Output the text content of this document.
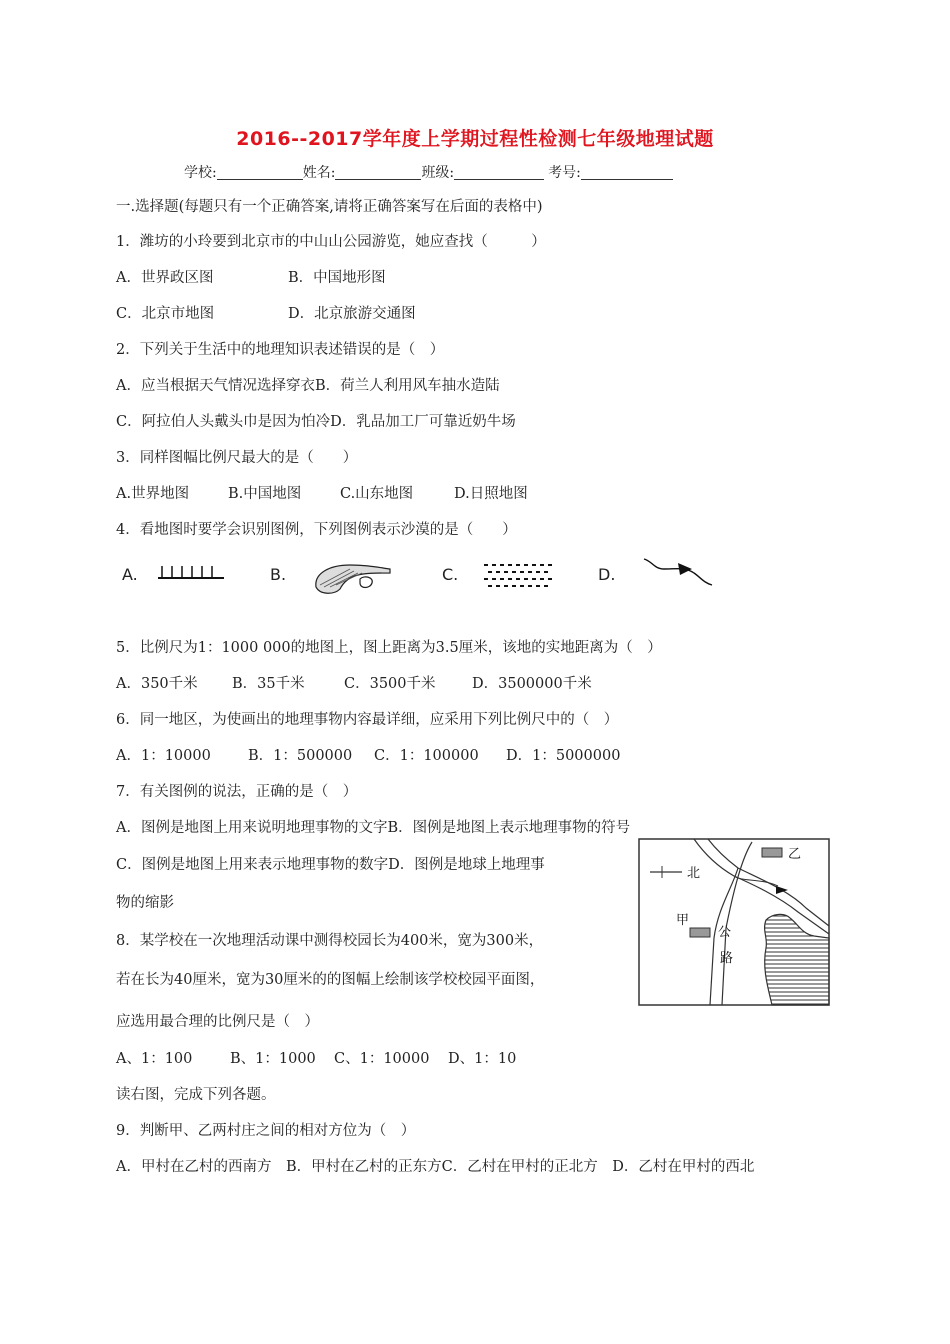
2016--2017学年度上学期过程性检测七年级地理试题
学校:	姓名:	班级:	考号:
一.选择题(每题只有一个正确答案,请将正确答案写在后面的表格中)
1．潍坊的小玲要到北京市的中山山公园游览，她应查找（　　　）
A．世界政区图	B．中国地形图
C．北京市地图	D．北京旅游交通图
2．下列关于生活中的地理知识表述错误的是（　）
A．应当根据天气情况选择穿衣B．荷兰人利用风车抽水造陆
C．阿拉伯人头戴头巾是因为怕冷D．乳品加工厂可靠近奶牛场
3．同样图幅比例尺最大的是（　　）
A.世界地图	B.中国地图	C.山东地图	D.日照地图
4．看地图时要学会识别图例，下列图例表示沙漠的是（　　）
A.	B.	C.	D.
5．比例尺为1：1000 000的地图上，图上距离为3.5厘米，该地的实地距离为（　）
A．350千米 B．35千米	C．3500千米	D．3500000千米
6．同一地区，为使画出的地理事物内容最详细，应采用下列比例尺中的（　）
A．1：10000	B．1：500000 C．1：100000 D．1：5000000
7．有关图例的说法，正确的是（　）
A．图例是地图上用来说明地理事物的文字B．图例是地图上表示地理事物的符号
C．图例是地图上用来表示地理事物的数字D．图例是地球上地理事
物的缩影
8．某学校在一次地理活动课中测得校园长为400米，宽为300米，
若在长为40厘米，宽为30厘米的的图幅上绘制该学校校园平面图，
应选用最合理的比例尺是（　）
A、1：100	B、1：1000 C、1：10000 D、1：10
读右图，完成下列各题。
9．判断甲、乙两村庄之间的相对方位为（　）
A．甲村在乙村的西南方　B．甲村在乙村的正东方C．乙村在甲村的正北方　D．乙村在甲村的西北
北
乙
甲
公
路
